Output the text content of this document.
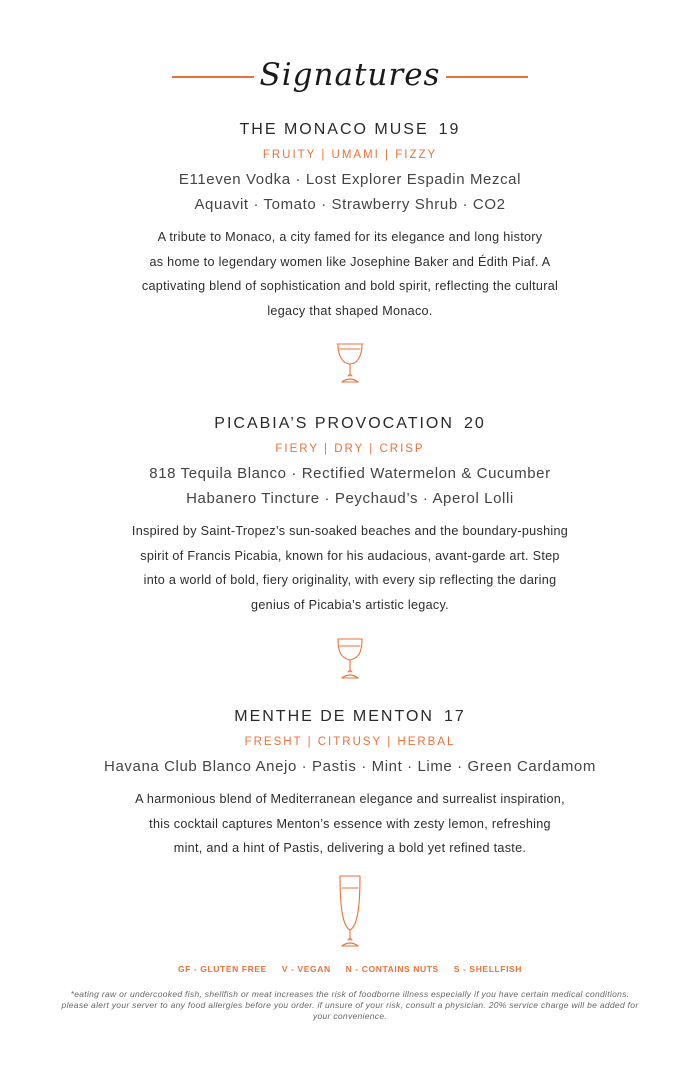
Signatures
THE MONACO MUSE 19
FRUITY | UMAMI | FIZZY
E11even Vodka · Lost Explorer Espadin Mezcal
Aquavit · Tomato · Strawberry Shrub · CO2
A tribute to Monaco, a city famed for its elegance and long history
as home to legendary women like Josephine Baker and Édith Piaf. A
captivating blend of sophistication and bold spirit, reflecting the cultural
legacy that shaped Monaco.
PICABIA’S PROVOCATION 20
FIERY | DRY | CRISP
818 Tequila Blanco · Rectified Watermelon & Cucumber
Habanero Tincture · Peychaud’s · Aperol Lolli
Inspired by Saint-Tropez’s sun-soaked beaches and the boundary-pushing
spirit of Francis Picabia, known for his audacious, avant-garde art. Step
into a world of bold, fiery originality, with every sip reflecting the daring
genius of Picabia’s artistic legacy.
MENTHE DE MENTON 17
FRESHT | CITRUSY | HERBAL
Havana Club Blanco Anejo · Pastis · Mint · Lime · Green Cardamom
A harmonious blend of Mediterranean elegance and surrealist inspiration,
this cocktail captures Menton’s essence with zesty lemon, refreshing
mint, and a hint of Pastis, delivering a bold yet refined taste.
GF - GLUTEN FREE V - VEGAN N - CONTAINS NUTS S - SHELLFISH
*eating raw or undercooked fish, shellfish or meat increases the risk of foodborne illness especially if you have certain medical conditions. please alert your server to any food allergies before you order. if unsure of your risk, consult a physician. 20% service charge will be added for your convenience.
